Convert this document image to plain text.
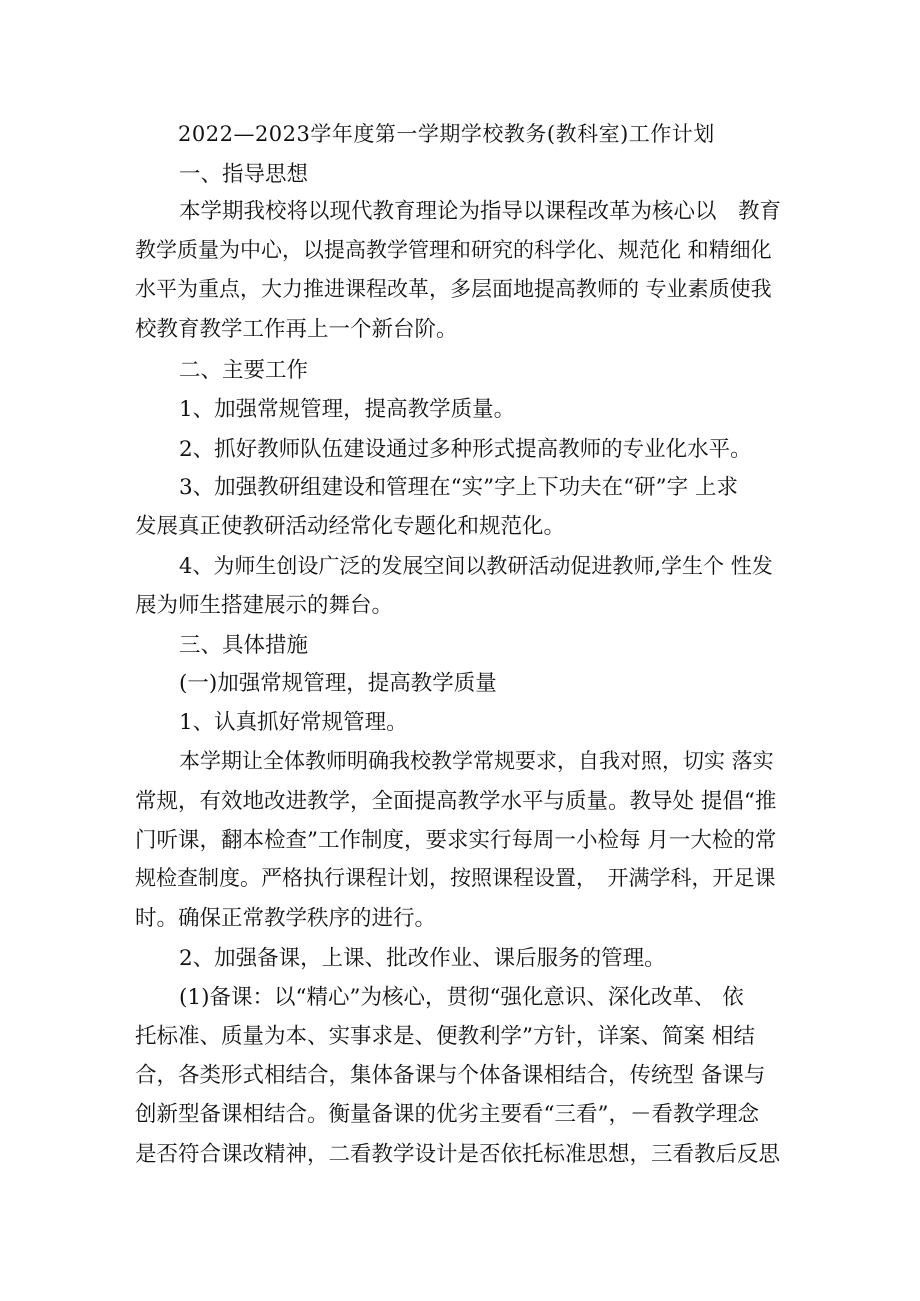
2022—2023学年度第一学期学校教务(教科室)工作计划
一、指导思想
本学期我校将以现代教育理论为指导以课程改革为核心以　教育
教学质量为中心，以提高教学管理和研究的科学化、规范化 和精细化
水平为重点，大力推进课程改革，多层面地提高教师的 专业素质使我
校教育教学工作再上一个新台阶。
二、主要工作
1、加强常规管理，提高教学质量。
2、抓好教师队伍建设通过多种形式提高教师的专业化水平。
3、加强教研组建设和管理在“实”字上下功夫在“研”字 上求
发展真正使教研活动经常化专题化和规范化。
4、为师生创设广泛的发展空间以教研活动促进教师,学生个 性发
展为师生搭建展示的舞台。
三、具体措施
(一)加强常规管理，提高教学质量
1、认真抓好常规管理。
本学期让全体教师明确我校教学常规要求，自我对照，切实 落实
常规，有效地改进教学，全面提高教学水平与质量。教导处 提倡“推
门听课，翻本检查”工作制度，要求实行每周一小检每 月一大检的常
规检查制度。严格执行课程计划，按照课程设置，　开满学科，开足课
时。确保正常教学秩序的进行。
2、加强备课，上课、批改作业、课后服务的管理。
(1)备课：以“精心”为核心，贯彻“强化意识、深化改革、 依
托标准、质量为本、实事求是、便教利学”方针，详案、简案 相结
合，各类形式相结合，集体备课与个体备课相结合，传统型 备课与
创新型备课相结合。衡量备课的优劣主要看“三看”，－看教学理念
是否符合课改精神，二看教学设计是否依托标准思想，三看教后反思
